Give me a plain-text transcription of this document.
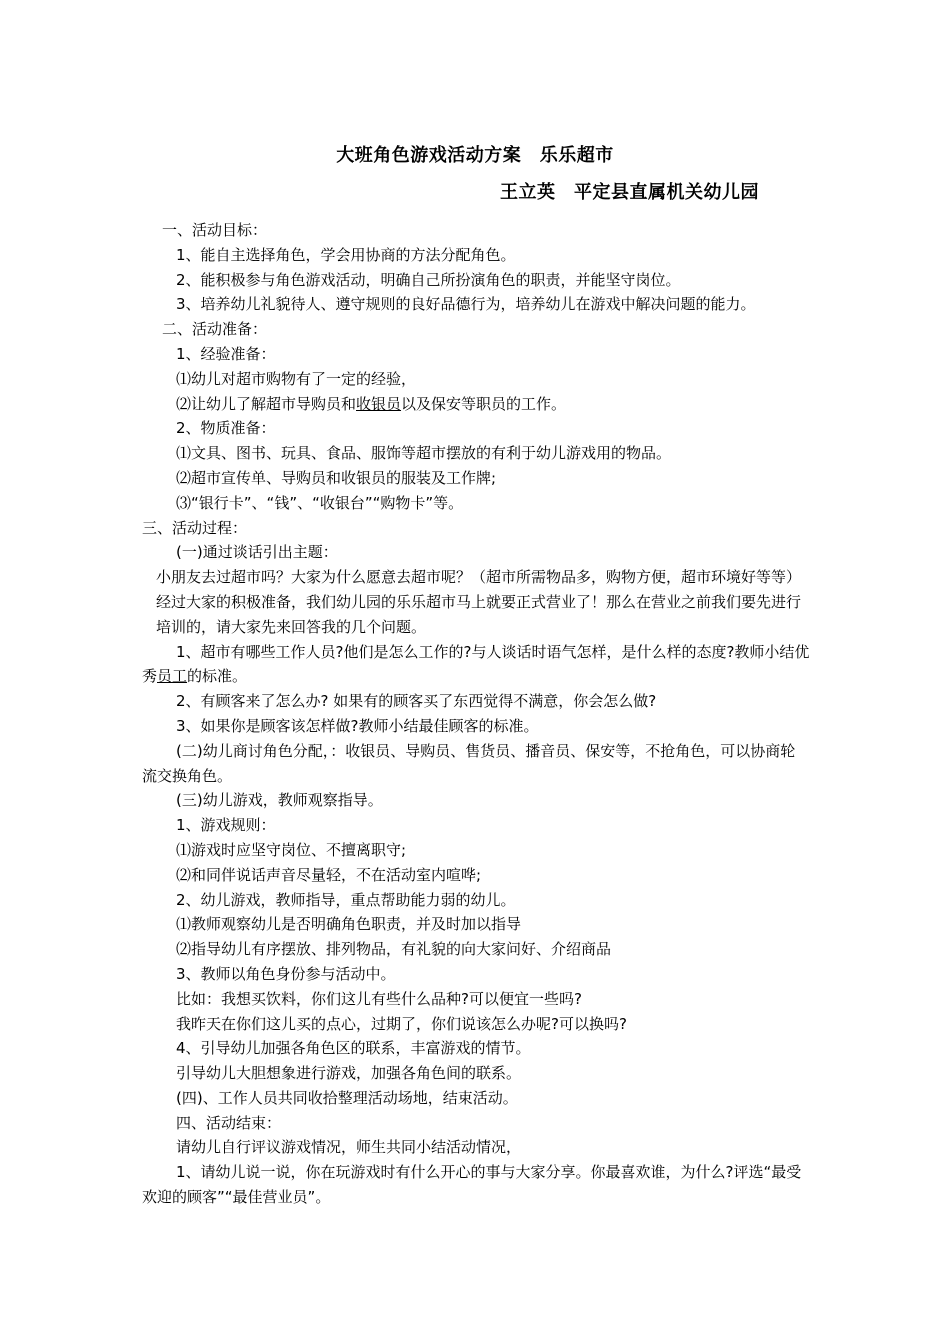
大班角色游戏活动方案　乐乐超市
王立英　平定县直属机关幼儿园
一、活动目标：
1、能自主选择角色，学会用协商的方法分配角色。
2、能积极参与角色游戏活动，明确自己所扮演角色的职责，并能坚守岗位。
3、培养幼儿礼貌待人、遵守规则的良好品德行为，培养幼儿在游戏中解决问题的能力。
二、活动准备：
1、经验准备：
⑴幼儿对超市购物有了一定的经验，
⑵让幼儿了解超市导购员和收银员以及保安等职员的工作。
2、物质准备：
⑴文具、图书、玩具、食品、服饰等超市摆放的有利于幼儿游戏用的物品。
⑵超市宣传单、导购员和收银员的服装及工作牌;
⑶“银行卡”、“钱”、“收银台”“购物卡”等。
三、活动过程：
(一)通过谈话引出主题：
小朋友去过超市吗？大家为什么愿意去超市呢？（超市所需物品多，购物方便，超市环境好等等）经过大家的积极准备，我们幼儿园的乐乐超市马上就要正式营业了！那么在营业之前我们要先进行培训的，请大家先来回答我的几个问题。
1、超市有哪些工作人员?他们是怎么工作的?与人谈话时语气怎样，是什么样的态度?教师小结优秀员工的标准。
2、有顾客来了怎么办? 如果有的顾客买了东西觉得不满意，你会怎么做?
3、如果你是顾客该怎样做?教师小结最佳顾客的标准。
(二)幼儿商讨角色分配，：收银员、导购员、售货员、播音员、保安等，不抢角色，可以协商轮流交换角色。
(三)幼儿游戏，教师观察指导。
1、游戏规则：
⑴游戏时应坚守岗位、不擅离职守;
⑵和同伴说话声音尽量轻，不在活动室内喧哗;
2、幼儿游戏，教师指导，重点帮助能力弱的幼儿。
⑴教师观察幼儿是否明确角色职责，并及时加以指导
⑵指导幼儿有序摆放、排列物品，有礼貌的向大家问好、介绍商品
3、教师以角色身份参与活动中。
比如：我想买饮料，你们这儿有些什么品种?可以便宜一些吗?
我昨天在你们这儿买的点心，过期了，你们说该怎么办呢?可以换吗?
4、引导幼儿加强各角色区的联系，丰富游戏的情节。
引导幼儿大胆想象进行游戏，加强各角色间的联系。
(四)、工作人员共同收拾整理活动场地，结束活动。
四、活动结束：
请幼儿自行评议游戏情况，师生共同小结活动情况，
1、请幼儿说一说，你在玩游戏时有什么开心的事与大家分享。你最喜欢谁，为什么?评选“最受欢迎的顾客”“最佳营业员”。
